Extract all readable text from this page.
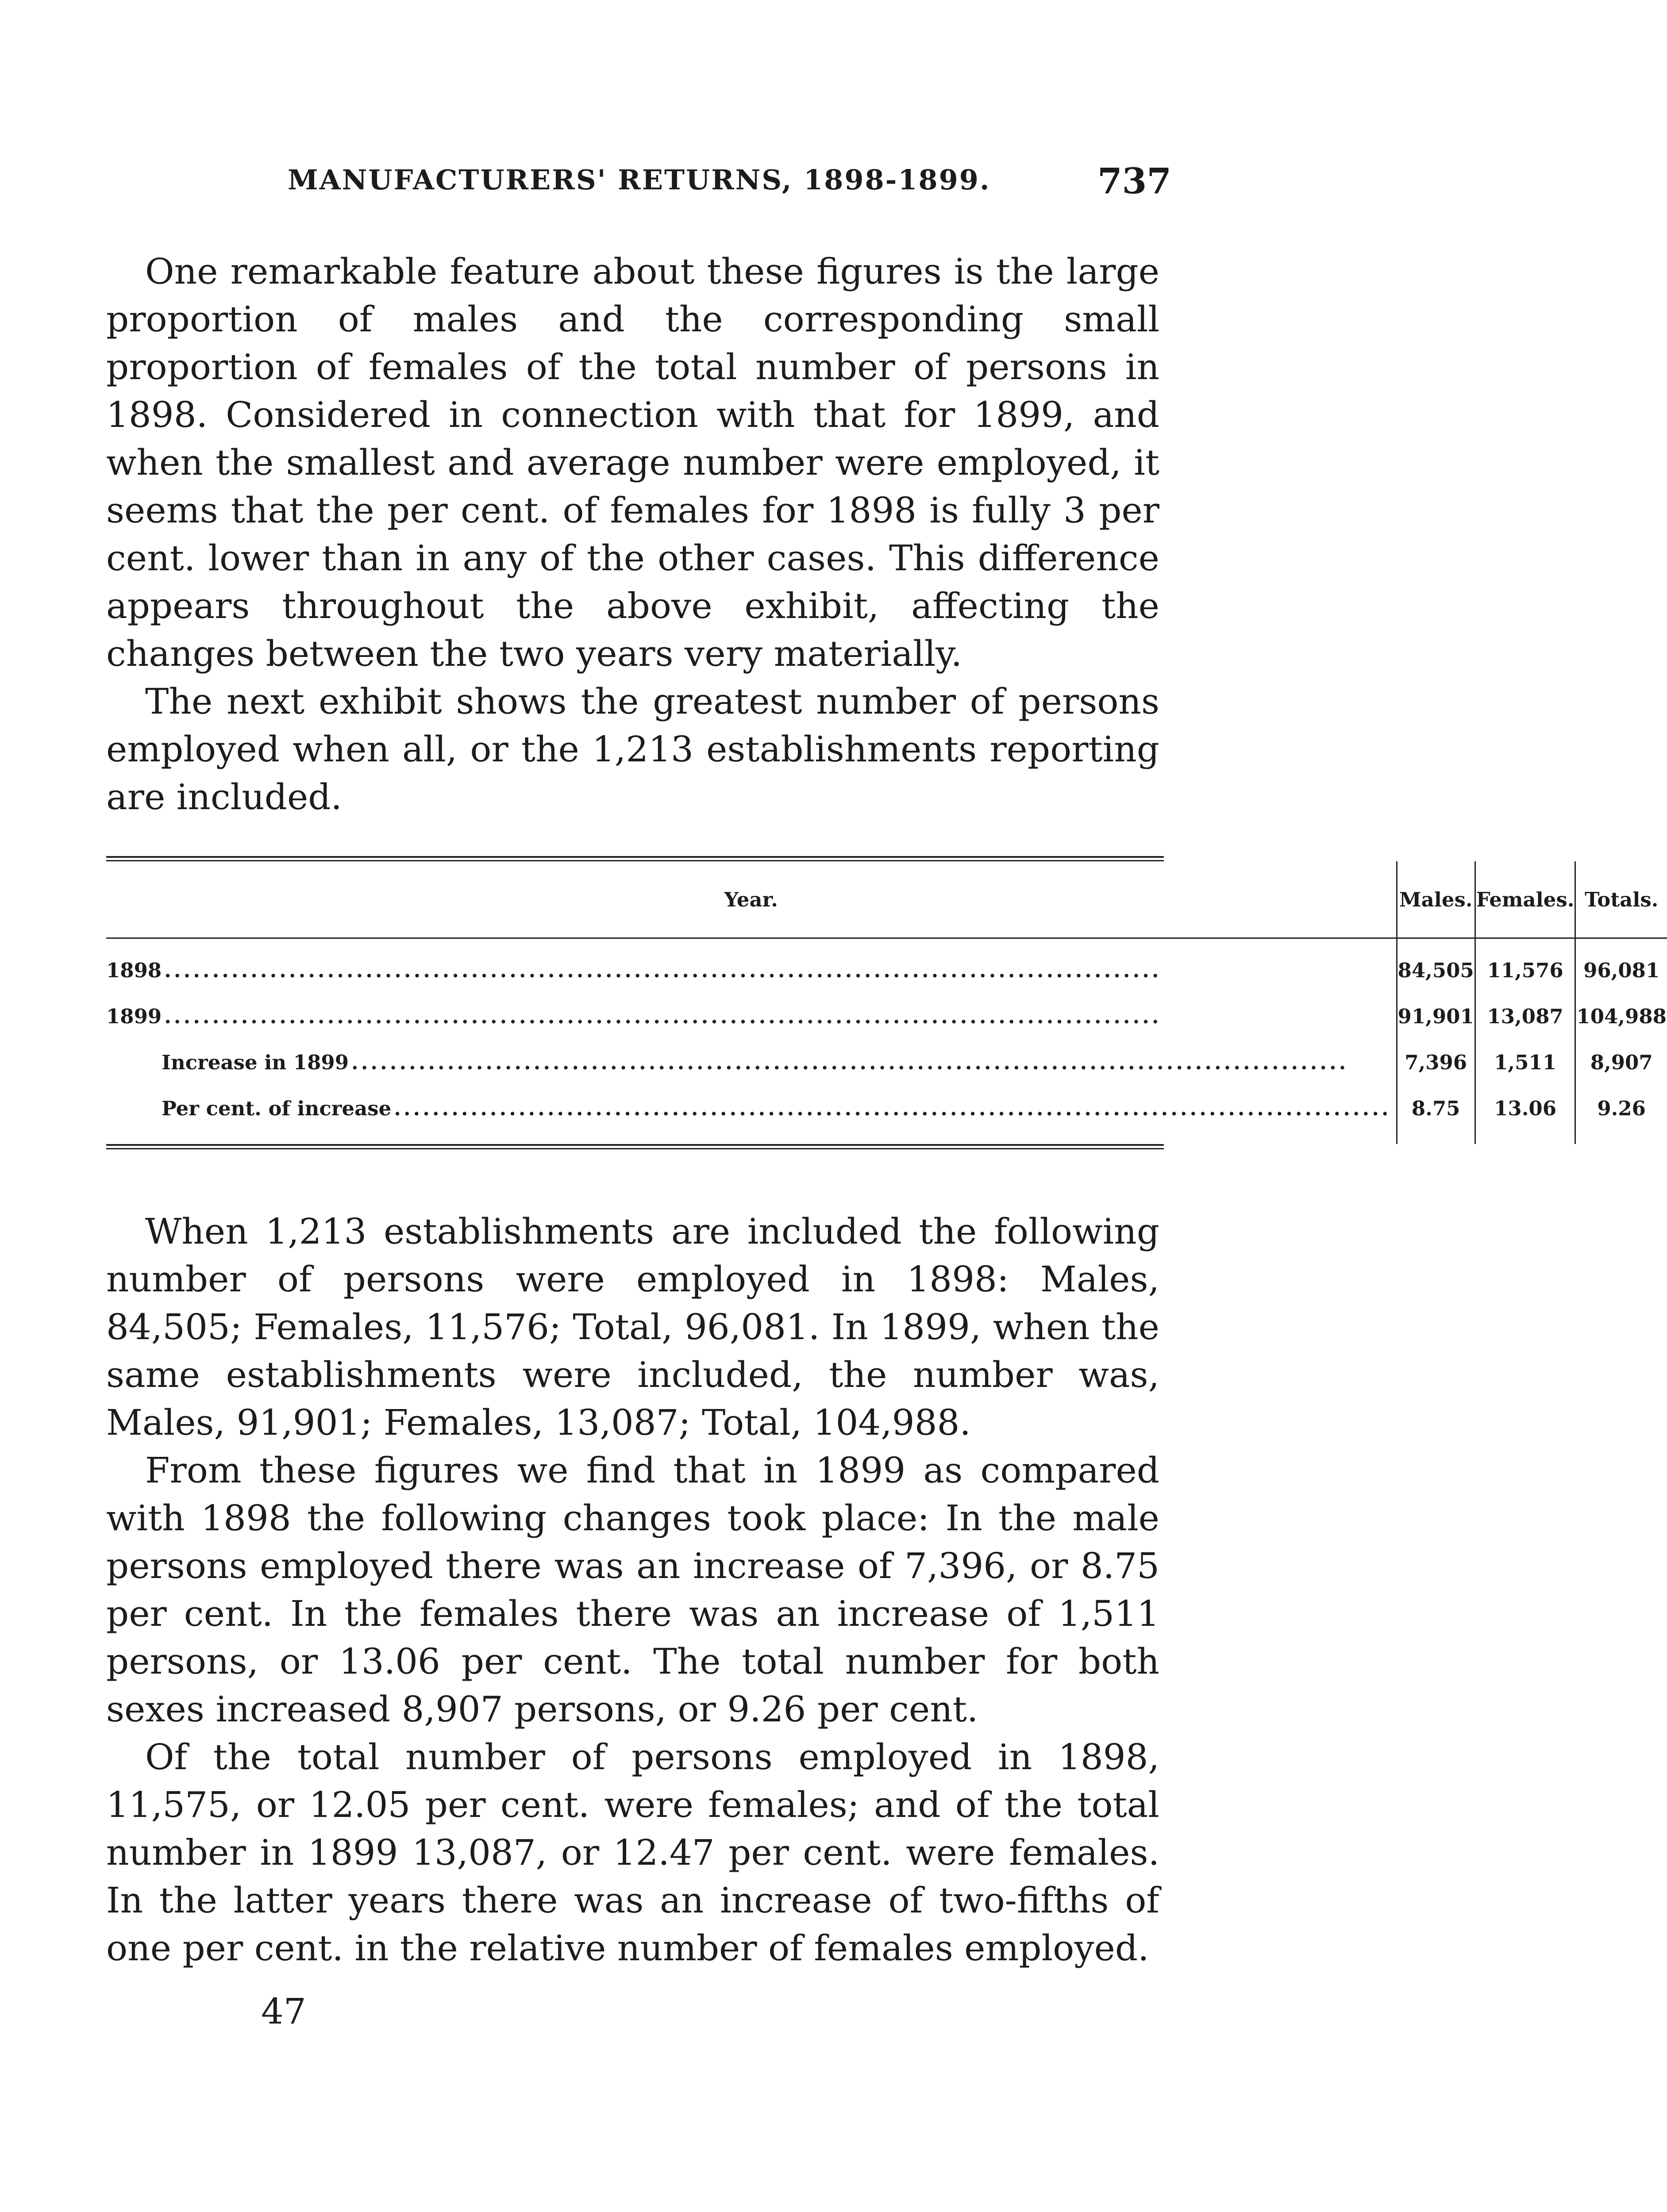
MANUFACTURERS' RETURNS, 1898-1899.	737

One remarkable feature about these figures is the large proportion of males and the corresponding small proportion of females of the total number of persons in 1898. Considered in connection with that for 1899, and when the smallest and average number were employed, it seems that the per cent. of females for 1898 is fully 3 per cent. lower than in any of the other cases. This difference appears throughout the above exhibit, affecting the changes between the two years very materially.

The next exhibit shows the greatest number of persons employed when all, or the 1,213 establishments reporting are included.

Year.	Males.	Females.	Totals.

1898 ........................................................................................................	84,505	11,576	96,081

1899 ........................................................................................................	91,901	13,087	104,988

Increase in 1899 ........................................................................................................	7,396	1,511	8,907

Per cent. of increase ........................................................................................................	8.75	13.06	9.26

When 1,213 establishments are included the following number of persons were employed in 1898: Males, 84,505; Females, 11,576; Total, 96,081. In 1899, when the same establishments were included, the number was, Males, 91,901; Females, 13,087; Total, 104,988.

From these figures we find that in 1899 as compared with 1898 the following changes took place: In the male persons employed there was an increase of 7,396, or 8.75 per cent. In the females there was an increase of 1,511 persons, or 13.06 per cent. The total number for both sexes increased 8,907 persons, or 9.26 per cent.

Of the total number of persons employed in 1898, 11,575, or 12.05 per cent. were females; and of the total number in 1899 13,087, or 12.47 per cent. were females. In the latter years there was an increase of two-fifths of one per cent. in the relative number of females employed.

47
